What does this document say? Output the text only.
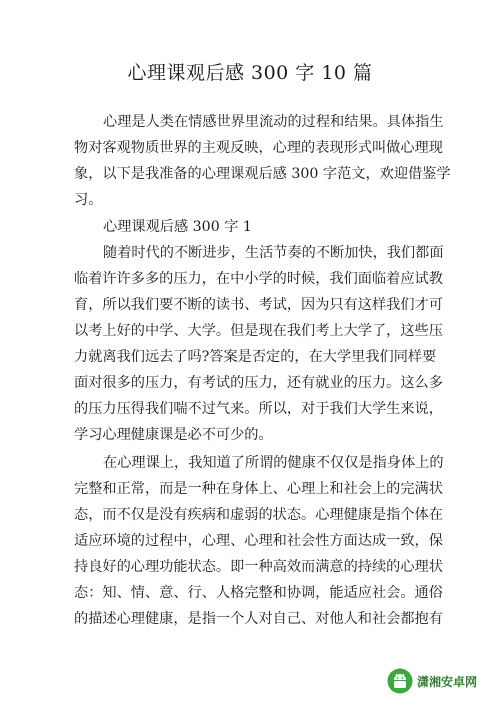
心理课观后感 300 字 10 篇
心理是人类在情感世界里流动的过程和结果。具体指生
物对客观物质世界的主观反映，心理的表现形式叫做心理现
象，以下是我准备的心理课观后感 300 字范文，欢迎借鉴学
习。
心理课观后感 300 字 1
随着时代的不断进步，生活节奏的不断加快，我们都面
临着许许多多的压力，在中小学的时候，我们面临着应试教
育，所以我们要不断的读书、考试，因为只有这样我们才可
以考上好的中学、大学。但是现在我们考上大学了，这些压
力就离我们远去了吗?答案是否定的，在大学里我们同样要
面对很多的压力，有考试的压力，还有就业的压力。这么多
的压力压得我们喘不过气来。所以，对于我们大学生来说，
学习心理健康课是必不可少的。
在心理课上，我知道了所谓的健康不仅仅是指身体上的
完整和正常，而是一种在身体上、心理上和社会上的完满状
态，而不仅是没有疾病和虚弱的状态。心理健康是指个体在
适应环境的过程中，心理、心理和社会性方面达成一致，保
持良好的心理功能状态。即一种高效而满意的持续的心理状
态：知、情、意、行、人格完整和协调，能适应社会。通俗
的描述心理健康，是指一个人对自己、对他人和社会都抱有
潇湘安卓网
